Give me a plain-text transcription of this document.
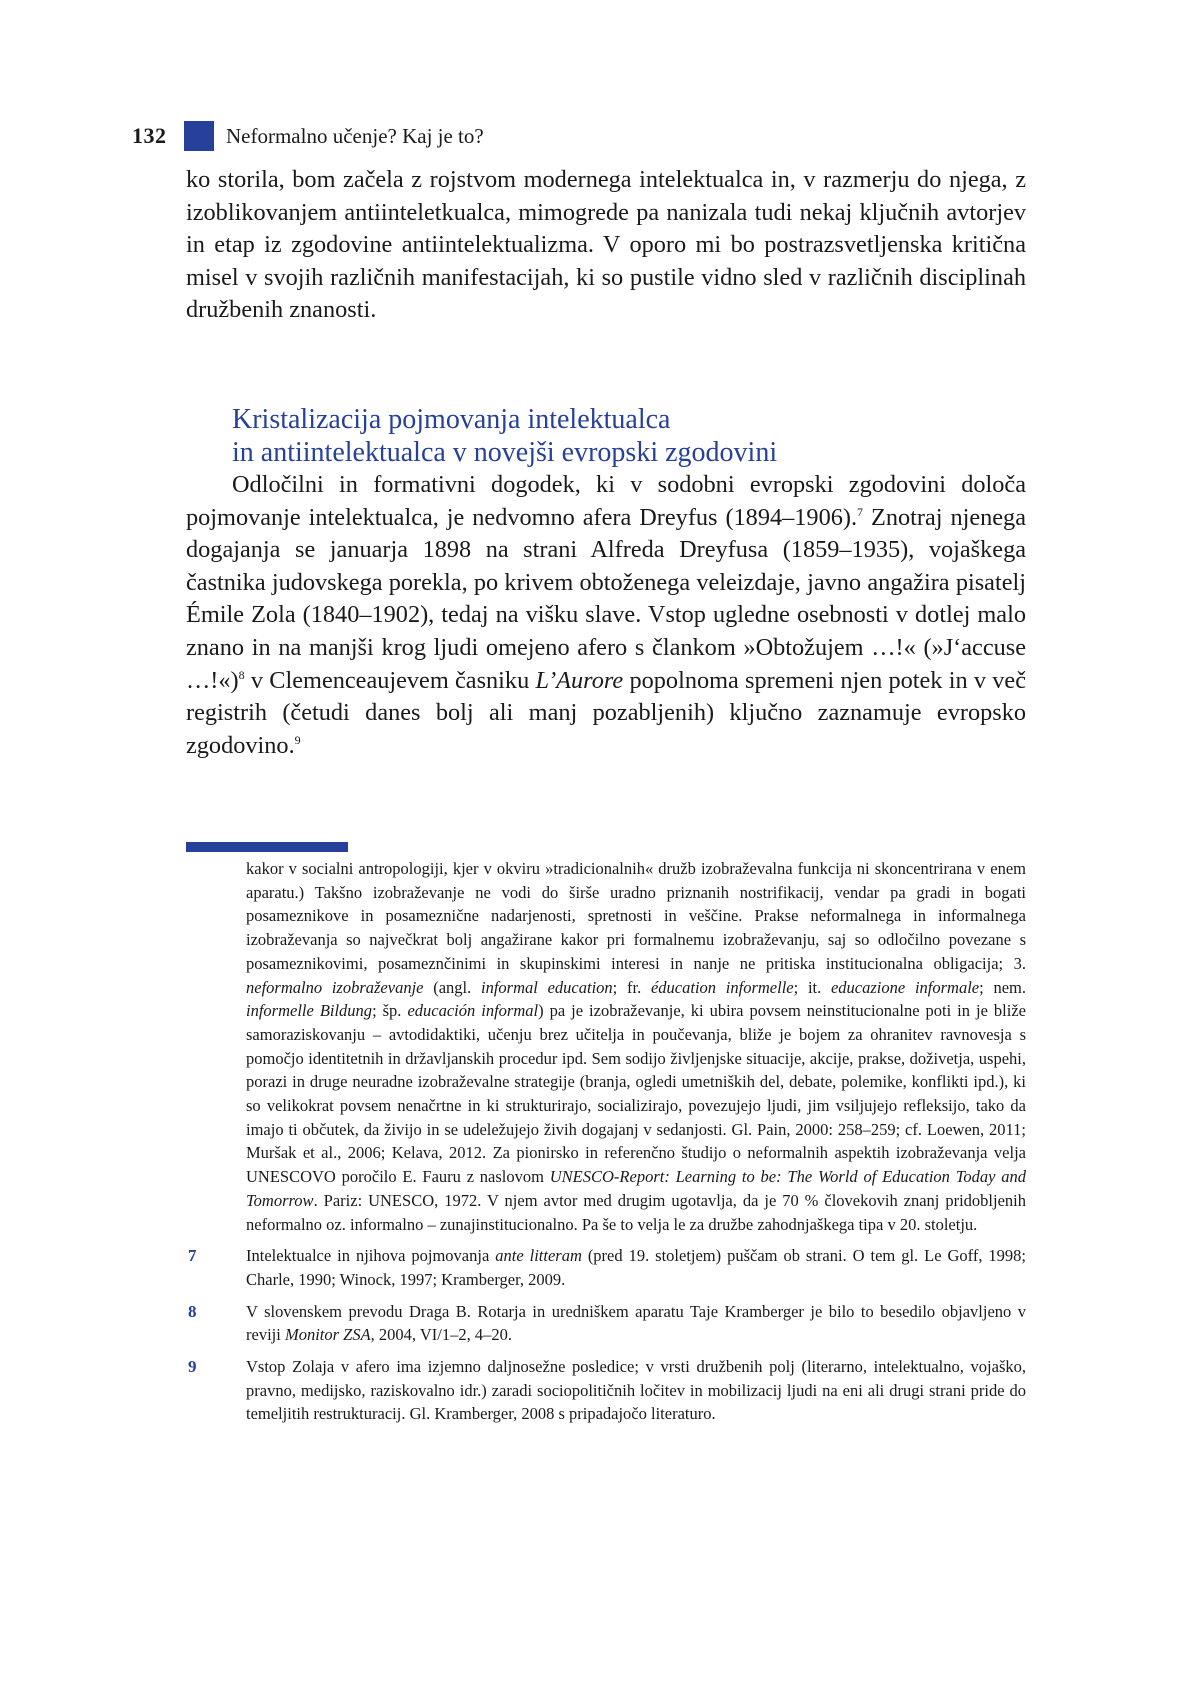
132	Neformalno učenje? Kaj je to?

ko storila, bom začela z rojstvom modernega intelektualca in, v razmerju do njega, z izoblikovanjem antiinteletkualca, mimogrede pa nanizala tudi nekaj ključnih avtorjev in etap iz zgodovine antiintelektualizma. V oporo mi bo postrazsvetljenska kritična misel v svojih različnih manifestacijah, ki so pustile vidno sled v različnih disciplinah družbenih znanosti.

Kristalizacija pojmovanja intelektualca
in antiintelektualca v novejši evropski zgodovini

Odločilni in formativni dogodek, ki v sodobni evropski zgodovini določa pojmovanje intelektualca, je nedvomno afera Dreyfus (1894–1906).$^7$ Znotraj njenega dogajanja se januarja 1898 na strani Alfreda Dreyfusa (1859–1935), vojaškega častnika judovskega porekla, po krivem obtoženega veleizdaje, javno angažira pisatelj Émile Zola (1840–1902), tedaj na višku slave. Vstop ugledne osebnosti v dotlej malo znano in na manjši krog ljudi omejeno afero s člankom »Obtožujem …!« (»J‘accuse …!«)$^8$ v Clemenceaujevem časniku L’Aurore popolnoma spremeni njen potek in v več registrih (četudi danes bolj ali manj pozabljenih) ključno zaznamuje evropsko zgodovino.$^9$

kakor v socialni antropologiji, kjer v okviru »tradicionalnih« družb izobraževalna funkcija ni skoncentrirana v enem aparatu.) Takšno izobraževanje ne vodi do širše uradno priznanih nostrifikacij, vendar pa gradi in bogati posameznikove in posameznične nadarjenosti, spretnosti in veščine. Prakse neformalnega in informalnega izobraževanja so največkrat bolj angažirane kakor pri formalnemu izobraževanju, saj so odločilno povezane s posameznikovimi, posameznčinimi in skupinskimi interesi in nanje ne pritiska institucionalna obligacija; 3. neformalno izobraževanje (angl. informal education; fr. éducation informelle; it. educazione informale; nem. informelle Bildung; šp. educación informal) pa je izobraževanje, ki ubira povsem neinstitucionalne poti in je bliže samoraziskovanju – avtodidaktiki, učenju brez učitelja in poučevanja, bliže je bojem za ohranitev ravnovesja s pomočjo identitetnih in državljanskih procedur ipd. Sem sodijo življenjske situacije, akcije, prakse, doživetja, uspehi, porazi in druge neuradne izobraževalne strategije (branja, ogledi umetniških del, debate, polemike, konflikti ipd.), ki so velikokrat povsem nenačrtne in ki strukturirajo, socializirajo, povezujejo ljudi, jim vsiljujejo refleksijo, tako da imajo ti občutek, da živijo in se udeležujejo živih dogajanj v sedanjosti. Gl. Pain, 2000: 258–259; cf. Loewen, 2011; Muršak et al., 2006; Kelava, 2012. Za pionirsko in referenčno študijo o neformalnih aspektih izobraževanja velja UNESCOVO poročilo E. Fauru z naslovom UNESCO-Report: Learning to be: The World of Education Today and Tomorrow. Pariz: UNESCO, 1972. V njem avtor med drugim ugotavlja, da je 70 % človekovih znanj pridobljenih neformalno oz. informalno – zunajinstitucionalno. Pa še to velja le za družbe zahodnjaškega tipa v 20. stoletju.

7	Intelektualce in njihova pojmovanja ante litteram (pred 19. stoletjem) puščam ob strani. O tem gl. Le Goff, 1998; Charle, 1990; Winock, 1997; Kramberger, 2009.

8	V slovenskem prevodu Draga B. Rotarja in uredniškem aparatu Taje Kramberger je bilo to besedilo objavljeno v reviji Monitor ZSA, 2004, VI/1–2, 4–20.

9	Vstop Zolaja v afero ima izjemno daljnosežne posledice; v vrsti družbenih polj (literarno, intelektualno, vojaško, pravno, medijsko, raziskovalno idr.) zaradi sociopolitičnih ločitev in mobilizacij ljudi na eni ali drugi strani pride do temeljitih restrukturacij. Gl. Kramberger, 2008 s pripadajočo literaturo.
